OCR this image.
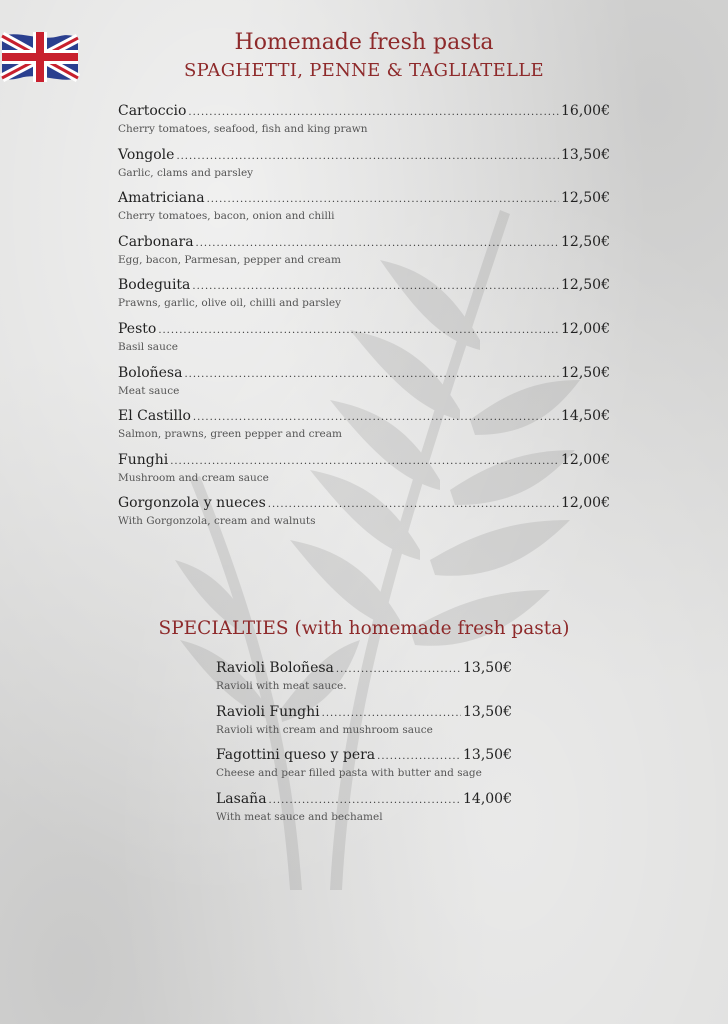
Homemade fresh pasta
SPAGHETTI, PENNE & TAGLIATELLE
Cartoccio .....	16,00€
Cherry tomatoes, seafood, fish and king prawn
Vongole .....	13,50€
Garlic, clams and parsley
Amatriciana .....	12,50€
Cherry tomatoes, bacon, onion and chilli
Carbonara .....	12,50€
Egg, bacon, Parmesan, pepper and cream
Bodeguita .....	12,50€
Prawns, garlic, olive oil, chilli and parsley
Pesto .....	12,00€
Basil sauce
Boloñesa .....	12,50€
Meat sauce
El Castillo .....	14,50€
Salmon, prawns, green pepper and cream
Funghi .....	12,00€
Mushroom and cream sauce
Gorgonzola y nueces .....	12,00€
With Gorgonzola, cream and walnuts
SPECIALTIES (with homemade fresh pasta)
Ravioli Boloñesa .....	13,50€
Ravioli with meat sauce.
Ravioli Funghi .....	13,50€
Ravioli with cream and mushroom sauce
Fagottini queso y pera .....	13,50€
Cheese and pear filled pasta with butter and sage
Lasaña .....	14,00€
With meat sauce and bechamel
